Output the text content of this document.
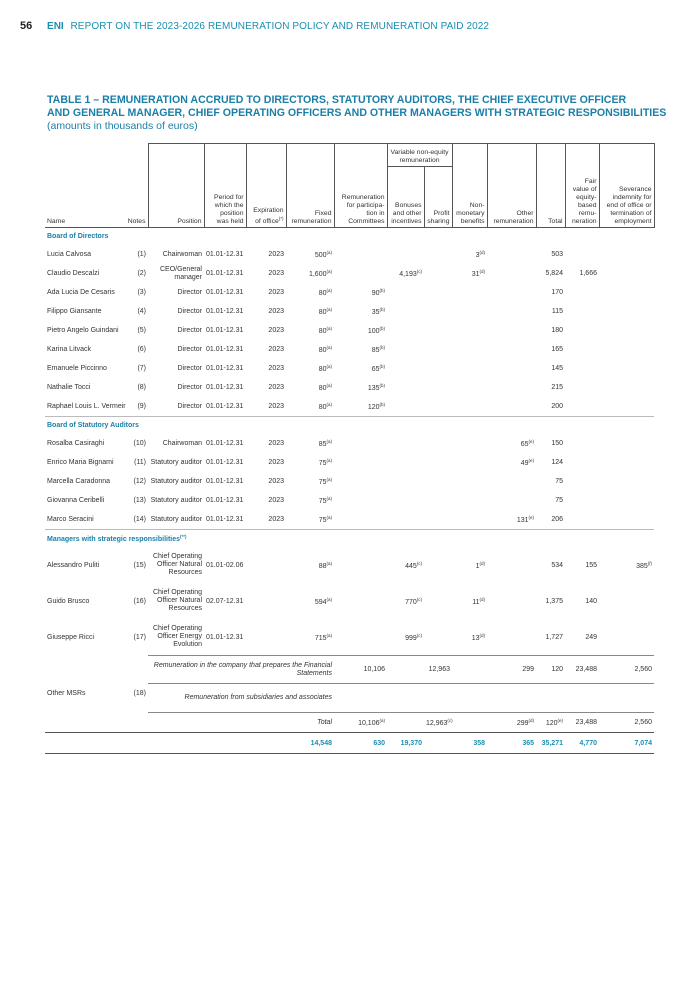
56 ENI REPORT ON THE 2023-2026 REMUNERATION POLICY AND REMUNERATION PAID 2022
TABLE 1 – REMUNERATION ACCRUED TO DIRECTORS, STATUTORY AUDITORS, THE CHIEF EXECUTIVE OFFICER
AND GENERAL MANAGER, CHIEF OPERATING OFFICERS AND OTHER MANAGERS WITH STRATEGIC RESPONSIBILITIES
(amounts in thousands of euros)
Name	Notes	Position	Period for which the position was held	Expiration of office(*)	Fixed remuneration	Remuneration for participa-tion in Committees	Variable non-equity remuneration		Non-monetary benefits	Other remuneration	Total	Fair value of equity-based remu-neration	Severance indemnity for end of office or termination of employment	
							Bonuses and other incentives	Profit sharing						
Board of Directors														
Lucia Calvosa	(1)	Chairwoman	01.01-12.31	2023	500$^{(a)}$				3$^{(d)}$		503			
Claudio Descalzi	(2)	CEO/General manager	01.01-12.31	2023	1,600$^{(a)}$		4,193$^{(c)}$		31$^{(d)}$		5,824	1,666		
Ada Lucia De Cesaris	(3)	Director	01.01-12.31	2023	80$^{(a)}$	90$^{(b)}$					170			
Filippo Giansante	(4)	Director	01.01-12.31	2023	80$^{(a)}$	35$^{(b)}$					115			
Pietro Angelo Guindani	(5)	Director	01.01-12.31	2023	80$^{(a)}$	100$^{(b)}$					180			
Karina Litvack	(6)	Director	01.01-12.31	2023	80$^{(a)}$	85$^{(b)}$					165			
Emanuele Piccinno	(7)	Director	01.01-12.31	2023	80$^{(a)}$	65$^{(b)}$					145			
Nathalie Tocci	(8)	Director	01.01-12.31	2023	80$^{(a)}$	135$^{(b)}$					215			
Raphael Louis L. Vermeir	(9)	Director	01.01-12.31	2023	80$^{(a)}$	120$^{(b)}$					200			
Board of Statutory Auditors														
Rosalba Casiraghi	(10)	Chairwoman	01.01-12.31	2023	85$^{(a)}$					65$^{(e)}$	150			
Enrico Maria Bignami	(11)	Statutory auditor	01.01-12.31	2023	75$^{(a)}$					49$^{(e)}$	124			
Marcella Caradonna	(12)	Statutory auditor	01.01-12.31	2023	75$^{(a)}$						75			
Giovanna Ceribelli	(13)	Statutory auditor	01.01-12.31	2023	75$^{(a)}$						75			
Marco Seracini	(14)	Statutory auditor	01.01-12.31	2023	75$^{(a)}$					131$^{(e)}$	206			
Managers with strategic responsibilities(**)
Alessandro Puliti	(15)	Chief Operating Officer Natural Resources	01.01-02.06		88$^{(a)}$		445$^{(c)}$		1$^{(d)}$		534	155	385$^{(f)}$
Guido Brusco	(16)	Chief Operating Officer Natural Resources	02.07-12.31		594$^{(a)}$		770$^{(c)}$		11$^{(d)}$		1,375	140		
Giuseppe Ricci	(17)	Chief Operating Officer Energy Evolution	01.01-12.31		715$^{(a)}$		999$^{(c)}$		13$^{(d)}$		1,727	249		
Other MSRs	(18)	Remuneration in the company that prepares the Financial Statements				10,106		12,963		299	120	23,488	2,560	
		Remuneration from subsidiaries and associates												
		Total				10,106$^{(a)}$		12,963$^{(c)}$		299$^{(d)}$	120$^{(e)}$	23,488	2,560	
					14,548	630	19,370		358	365	35,271	4,770	7,074	
